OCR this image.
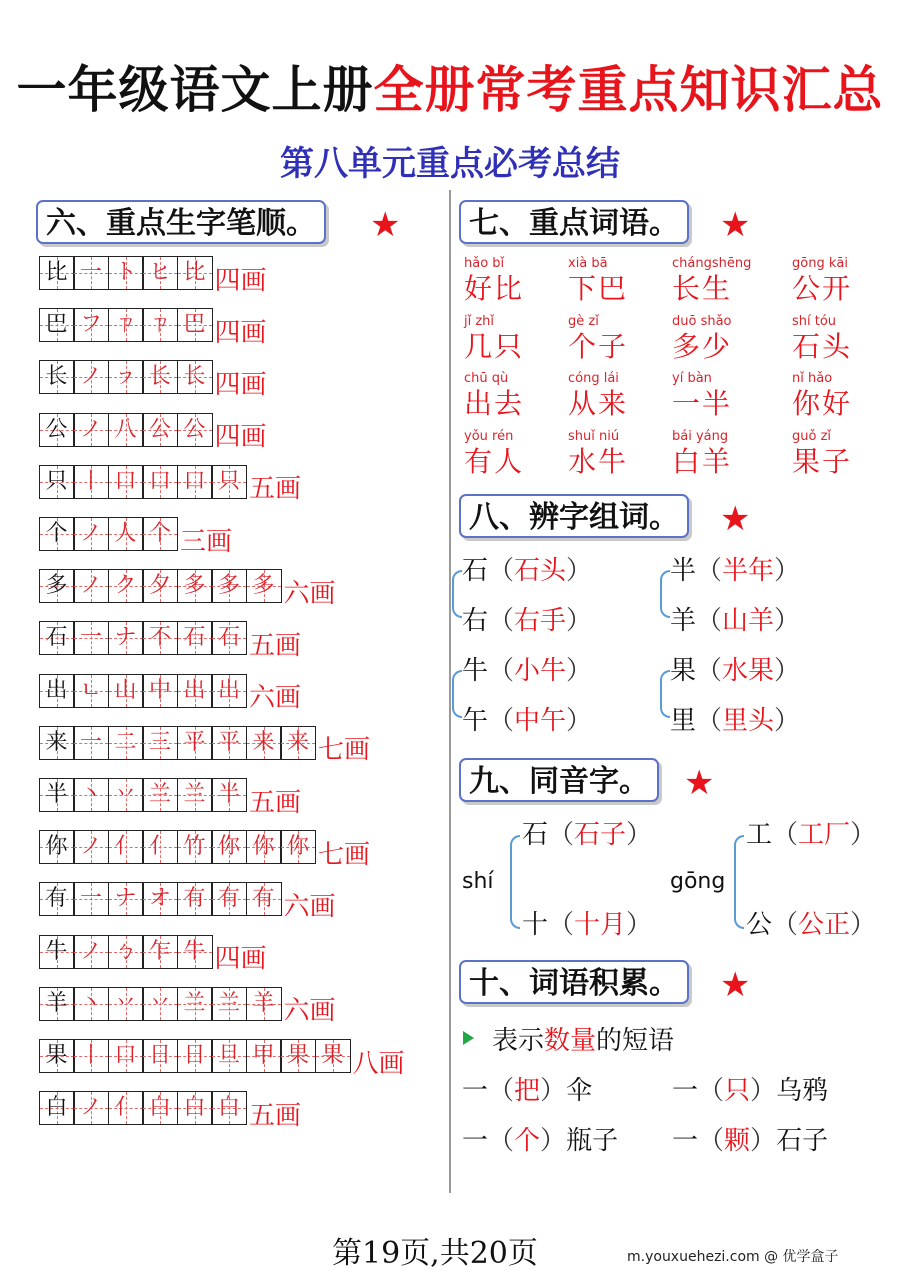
一年级语文上册全册常考重点知识汇总
第八单元重点必考总结
六、重点生字笔顺。 ★
比 一 ト ヒ 比 四画
巴 フ ㄗ ㄗ 巴 四画
长 ノ ㇷ 长 长 四画
公 ノ 八 公 公 四画
只 丨 口 口 口 只 五画
个 ノ 人 个 三画
多 ノ ク 夕 多 多 多 六画
石 一 ナ 不 石 石 五画
出 ㄴ 山 中 出 出 六画
来 一 二 三 平 平 来 来 七画
半 丶 丷 兰 兰 半 五画
你 ノ 亻 亻 竹 你 你 你 七画
有 一 ナ オ 有 有 有 六画
牛 ノ ㄅ 乍 牛 四画
羊 丶 丷 丷 兰 兰 羊 六画
果 丨 口 日 日 旦 甲 果 果 八画
白 ノ 亻 白 白 白 五画
七、重点词语。 ★
hǎo bǐ
好比
xià bā
下巴
chángshēng
长生
gōng kāi
公开
jǐ zhǐ
几只
gè zǐ
个子
duō shǎo
多少
shí tóu
石头
chū qù
出去
cóng lái
从来
yí bàn
一半
nǐ hǎo
你好
yǒu rén
有人
shuǐ niú
水牛
bái yáng
白羊
guǒ zǐ
果子
八、辨字组词。 ★
石（石头）
右（右手）
半（半年）
羊（山羊）
牛（小牛）
午（中午）
果（水果）
里（里头）
九、同音字。 ★
shí
石（石子）
十（十月）
gōng
工（工厂）
公（公正）
十、词语积累。 ★
表示数量的短语
一（把）伞	一（只）乌鸦
一（个）瓶子 一（颗）石子
第19页,共20页	m.youxuehezi.com @ 优学盒子
